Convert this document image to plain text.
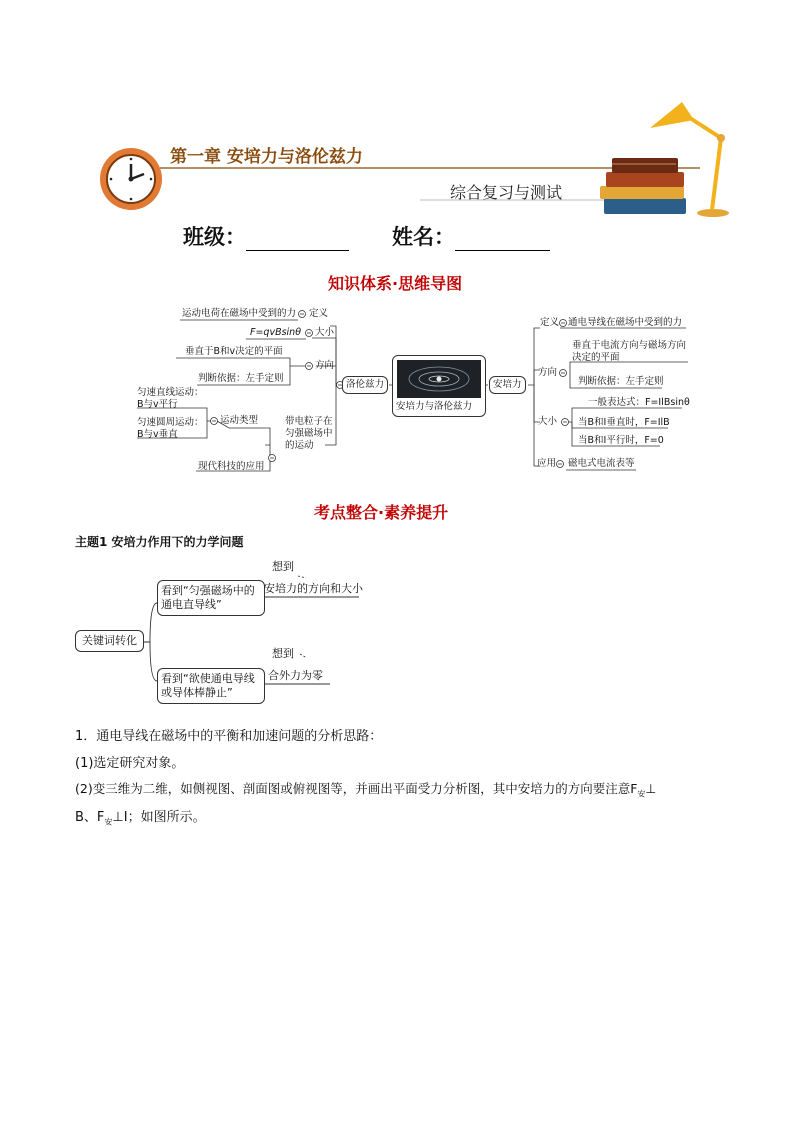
第一章 安培力与洛伦兹力
综合复习与测试
班级：	姓名：
知识体系·思维导图
安培力与洛伦兹力
洛伦兹力
运动电荷在磁场中受到的力 定义
F=qvBsinθ 大小
垂直于B和v决定的平面
方向
判断依据：左手定则
匀速直线运动：B与v平行
运动类型
匀速圆周运动：B与v垂直
带电粒子在匀强磁场中的运动
现代科技的应用
安培力
定义 通电导线在磁场中受到的力
垂直于电流方向与磁场方向决定的平面
方向
判断依据：左手定则
一般表达式：F=IlBsinθ
大小 当B和I垂直时，F=IlB
当B和I平行时，F=0
应用 磁电式电流表等
考点整合·素养提升
主题1 安培力作用下的力学问题
关键词转化
看到“匀强磁场中的通电直导线”
想到
安培力的方向和大小
看到“欲使通电导线或导体棒静止”
想到
合外力为零
1．通电导线在磁场中的平衡和加速问题的分析思路：
(1)选定研究对象。
(2)变三维为二维，如侧视图、剖面图或俯视图等，并画出平面受力分析图，其中安培力的方向要注意$F_安\perp$
B、$F_安\perp I$；如图所示。
